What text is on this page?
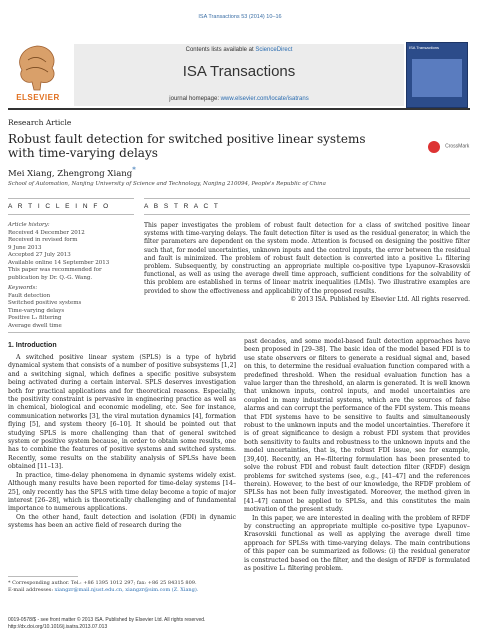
ISA Transactions 53 (2014) 10–16
ELSEVIER
Contents lists available at ScienceDirect
ISA Transactions
journal homepage: www.elsevier.com/locate/isatrans
ISA Transactions
Research Article
Robust fault detection for switched positive linear systems
with time-varying delays	CrossMark
Mei Xiang, Zhengrong Xiang*
School of Automation, Nanjing University of Science and Technology, Nanjing 210094, People's Republic of China
A R T I C L E I N F O	A B S T R A C T
Article history:
Received 4 December 2012
Received in revised form
9 June 2013
Accepted 27 July 2013
Available online 14 September 2013
This paper was recommended for
publication by Dr. Q.-G. Wang.
Keywords:
Fault detection
Switched positive systems
Time-varying delays
Positive L₁ filtering
Average dwell time
This paper investigates the problem of robust fault detection for a class of switched positive linear systems with time-varying delays. The fault detection filter is used as the residual generator, in which the filter parameters are dependent on the system mode. Attention is focused on designing the positive filter such that, for model uncertainties, unknown inputs and the control inputs, the error between the residual and fault is minimized. The problem of robust fault detection is converted into a positive L₁ filtering problem. Subsequently, by constructing an appropriate multiple co-positive type Lyapunov–Krasovskii functional, as well as using the average dwell time approach, sufficient conditions for the solvability of this problem are established in terms of linear matrix inequalities (LMIs). Two illustrative examples are provided to show the effectiveness and applicability of the proposed results.
© 2013 ISA. Published by Elsevier Ltd. All rights reserved.
1. Introduction

A switched positive linear system (SPLS) is a type of hybrid dynamical system that consists of a number of positive subsystems [1,2] and a switching signal, which defines a specific positive subsystem being activated during a certain interval. SPLS deserves investigation both for practical applications and for theoretical reasons. Especially, the positivity constraint is pervasive in engineering practice as well as in chemical, biological and economic modeling, etc. See for instance, communication networks [3], the viral mutation dynamics [4], formation flying [5], and system theory [6–10]. It should be pointed out that studying SPLS is more challenging than that of general switched system or positive system because, in order to obtain some results, one has to combine the features of positive systems and switched systems. Recently, some results on the stability analysis of SPLSs have been obtained [11–13].

In practice, time-delay phenomena in dynamic systems widely exist. Although many results have been reported for time-delay systems [14–25], only recently has the SPLS with time delay become a topic of major interest [26–28], which is theoretically challenging and of fundamental importance to numerous applications.

On the other hand, fault detection and isolation (FDI) in dynamic systems has been an active field of research during the

past decades, and some model-based fault detection approaches have been proposed in [29–38]. The basic idea of the model based FDI is to use state observers or filters to generate a residual signal and, based on this, to determine the residual evaluation function compared with a predefined threshold. When the residual evaluation function has a value larger than the threshold, an alarm is generated. It is well known that unknown inputs, control inputs, and model uncertainties are coupled in many industrial systems, which are the sources of false alarms and can corrupt the performance of the FDI system. This means that FDI systems have to be sensitive to faults and simultaneously robust to the unknown inputs and the model uncertainties. Therefore it is of great significance to design a robust FDI system that provides both sensitivity to faults and robustness to the unknown inputs and the model uncertainties, that is, the robust FDI issue, see for example, [39,40]. Recently, an H∞-filtering formulation has been presented to solve the robust FDI and robust fault detection filter (RFDF) design problems for switched systems (see, e.g., [41–47] and the references therein). However, to the best of our knowledge, the RFDF problem of SPLSs has not been fully investigated. Moreover, the method given in [41–47] cannot be applied to SPLSs, and this constitutes the main motivation of the present study.

In this paper, we are interested in dealing with the problem of RFDF by constructing an appropriate multiple co-positive type Lyapunov–Krasovskii functional as well as applying the average dwell time approach for SPLSs with time-varying delays. The main contributions of this paper can be summarized as follows: (i) the residual generator is constructed based on the filter, and the design of RFDF is formulated as positive L₁ filtering problem.

* Corresponding author. Tel.: +86 1395 1012 297; fax: +86 25 84315 809.
E-mail addresses: xiangzr@mail.njust.edu.cn, xiangzr@sim.com (Z. Xiang).
0019-0578/$ - see front matter © 2013 ISA. Published by Elsevier Ltd. All rights reserved.
http://dx.doi.org/10.1016/j.isatra.2013.07.013
